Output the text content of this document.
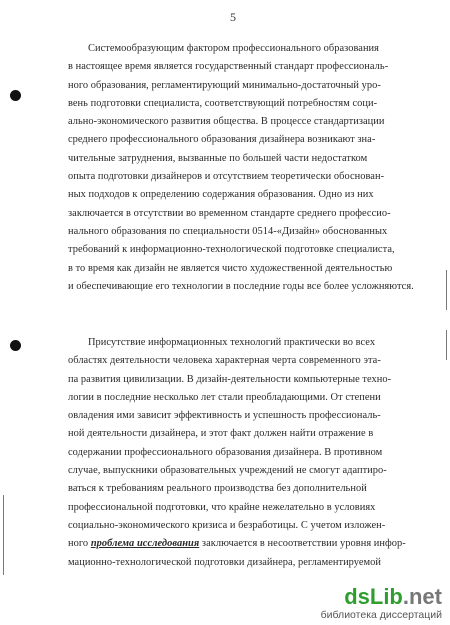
5
Системообразующим фактором профессионального образования
в настоящее время является государственный стандарт профессиональ-
ного образования, регламентирующий минимально-достаточный уро-
вень подготовки специалиста, соответствующий потребностям соци-
ально-экономического развития общества. В процессе стандартизации
среднего профессионального образования дизайнера возникают зна-
чительные затруднения, вызванные по большей части недостатком
опыта подготовки дизайнеров и отсутствием теоретически обоснован-
ных подходов к определению содержания образования. Одно из них
заключается в отсутствии во временном стандарте среднего профессио-
нального образования по специальности 0514-«Дизайн» обоснованных
требований к информационно-технологической подготовке специалиста,
в то время как дизайн не является чисто художественной деятельностью
и обеспечивающие его технологии в последние годы все более усложняются.
Присутствие информационных технологий практически во всех
областях деятельности человека характерная черта современного эта-
па развития цивилизации. В дизайн-деятельности компьютерные техно-
логии в последние несколько лет стали преобладающими. От степени
овладения ими зависит эффективность и успешность профессиональ-
ной деятельности дизайнера, и этот факт должен найти отражение в
содержании профессионального образования дизайнера. В противном
случае, выпускники образовательных учреждений не смогут адаптиро-
ваться к требованиям реального производства без дополнительной
профессиональной подготовки, что крайне нежелательно в условиях
социально-экономического кризиса и безработицы. С учетом изложен-
ного проблема исследования заключается в несоответствии уровня инфор-
мационно-технологической подготовки дизайнера, регламентируемой
dsLib.net
библиотека диссертаций
